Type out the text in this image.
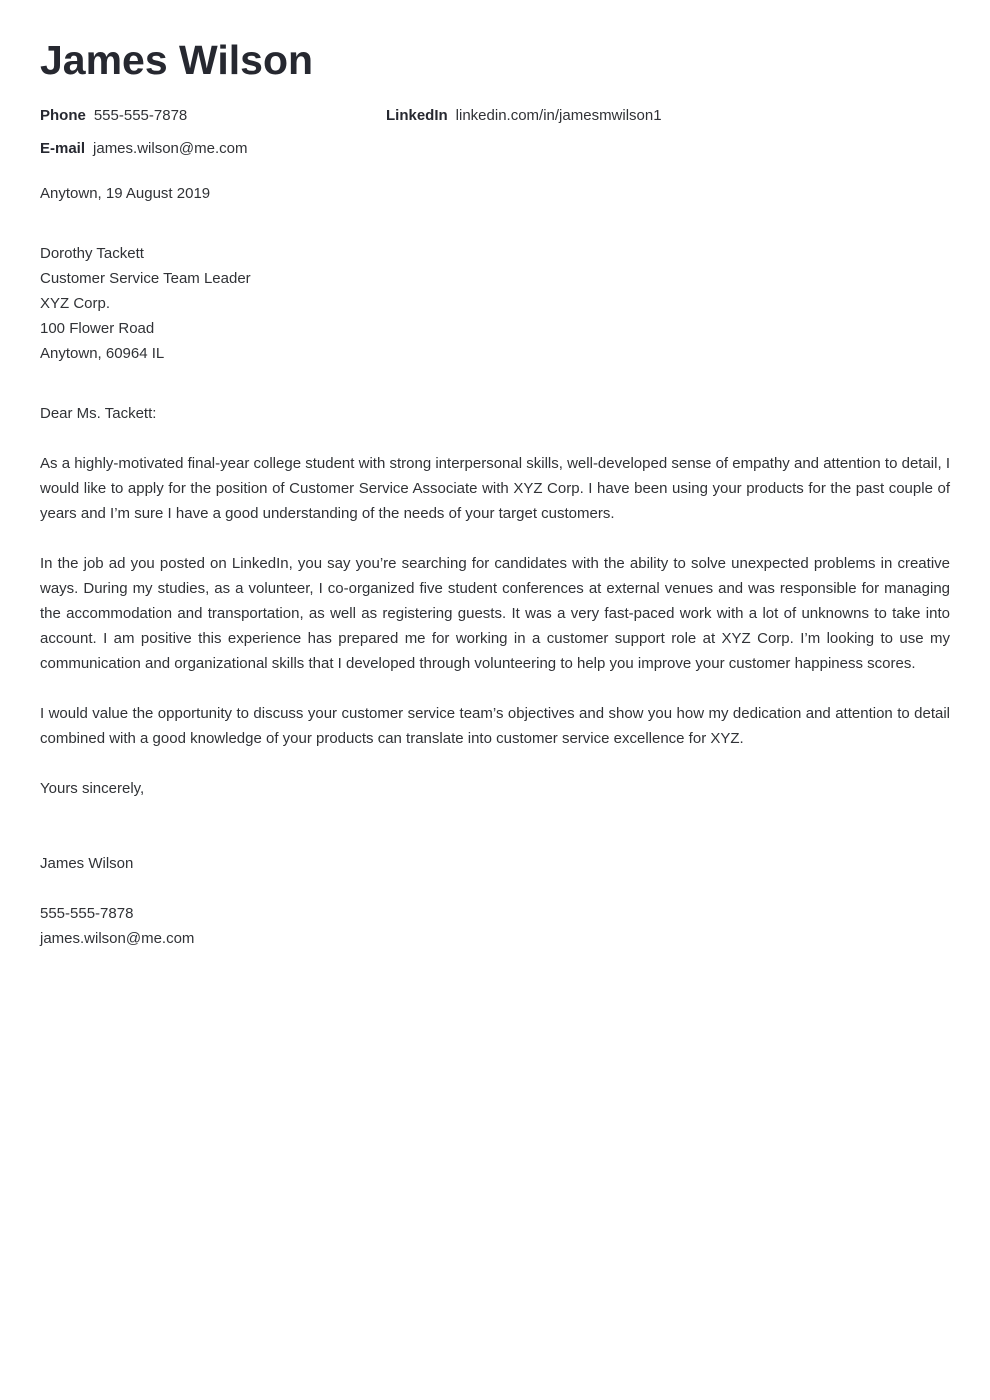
James Wilson
Phone 555-555-7878	LinkedIn linkedin.com/in/jamesmwilson1
E-mail james.wilson@me.com
Anytown, 19 August 2019
Dorothy Tackett
Customer Service Team Leader
XYZ Corp.
100 Flower Road
Anytown, 60964 IL
Dear Ms. Tackett:
As a highly-motivated final-year college student with strong interpersonal skills, well-developed sense of empathy and attention to detail, I would like to apply for the position of Customer Service Associate with XYZ Corp. I have been using your products for the past couple of years and I’m sure I have a good understanding of the needs of your target customers.
In the job ad you posted on LinkedIn, you say you’re searching for candidates with the ability to solve unexpected problems in creative ways. During my studies, as a volunteer, I co-organized five student conferences at external venues and was responsible for managing the accommodation and transportation, as well as registering guests. It was a very fast-paced work with a lot of unknowns to take into account. I am positive this experience has prepared me for working in a customer support role at XYZ Corp. I’m looking to use my communication and organizational skills that I developed through volunteering to help you improve your customer happiness scores.
I would value the opportunity to discuss your customer service team’s objectives and show you how my dedication and attention to detail combined with a good knowledge of your products can translate into customer service excellence for XYZ.
Yours sincerely,
James Wilson
555-555-7878
james.wilson@me.com
